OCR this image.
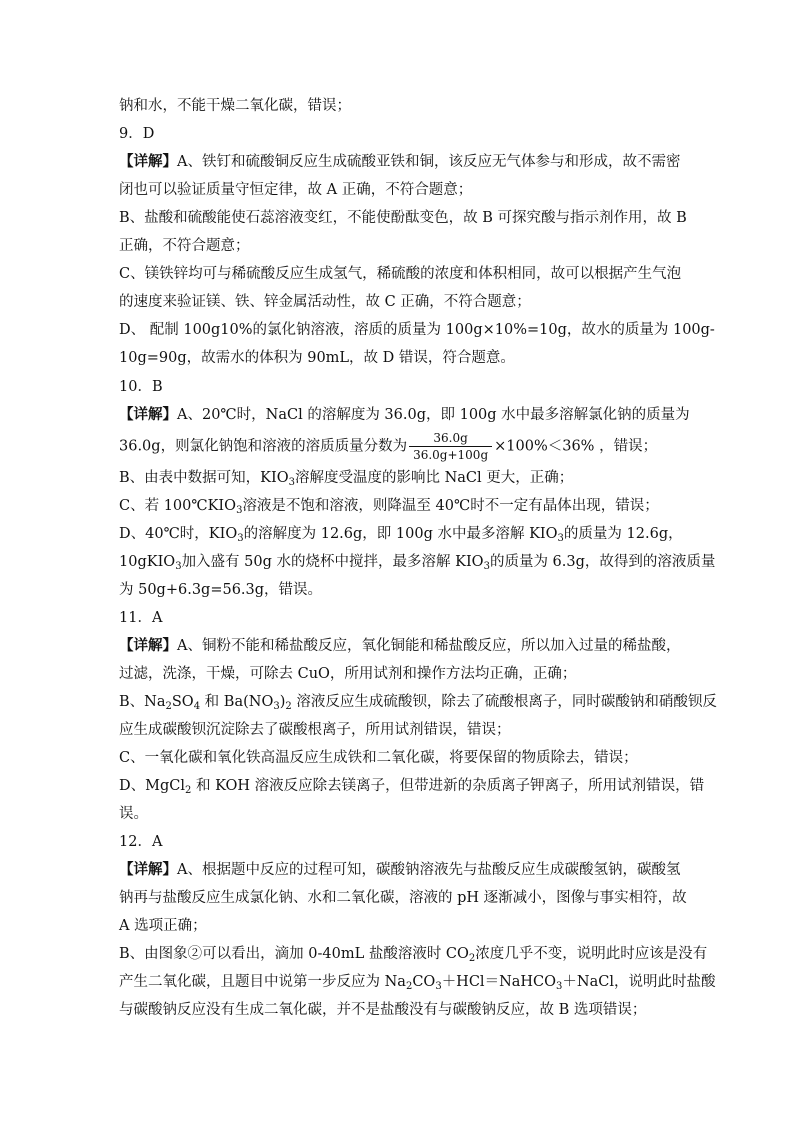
钠和水，不能干燥二氧化碳，错误；
9．D
【详解】A、铁钉和硫酸铜反应生成硫酸亚铁和铜，该反应无气体参与和形成，故不需密
闭也可以验证质量守恒定律，故 A 正确，不符合题意；
B、盐酸和硫酸能使石蕊溶液变红，不能使酚酞变色，故 B 可探究酸与指示剂作用，故 B
正确，不符合题意；
C、镁铁锌均可与稀硫酸反应生成氢气，稀硫酸的浓度和体积相同，故可以根据产生气泡
的速度来验证镁、铁、锌金属活动性，故 C 正确，不符合题意；
D、 配制 100g10%的氯化钠溶液，溶质的质量为 100g×10%=10g，故水的质量为 100g-
10g=90g，故需水的体积为 90mL，故 D 错误，符合题意。
10．B
【详解】A、20℃时，NaCl 的溶解度为 36.0g，即 100g 水中最多溶解氯化钠的质量为
36.0g，则氯化钠饱和溶液的溶质质量分数为 $\frac{36.0g}{36.0g+100g} \times 100\%<36\%$ ，错误；
B、由表中数据可知，$KIO_3$溶解度受温度的影响比 NaCl 更大，正确；
C、若 $100℃KIO_3$溶液是不饱和溶液，则降温至 40℃时不一定有晶体出现，错误；
D、40℃时，$KIO_3$的溶解度为 12.6g，即 100g 水中最多溶解 $KIO_3$的质量为 12.6g，
10gKIO$_3$加入盛有 50g 水的烧杯中搅拌，最多溶解 $KIO_3$的质量为 6.3g，故得到的溶液质量
为 50g+6.3g=56.3g，错误。
11．A
【详解】A、铜粉不能和稀盐酸反应，氧化铜能和稀盐酸反应，所以加入过量的稀盐酸，
过滤，洗涤，干燥，可除去 CuO，所用试剂和操作方法均正确，正确；
B、$Na_2SO_4$ 和 $Ba(NO_3)_2$ 溶液反应生成硫酸钡，除去了硫酸根离子，同时碳酸钠和硝酸钡反
应生成碳酸钡沉淀除去了碳酸根离子，所用试剂错误，错误；
C、一氧化碳和氧化铁高温反应生成铁和二氧化碳，将要保留的物质除去，错误；
D、MgCl$_2$ 和 KOH 溶液反应除去镁离子，但带进新的杂质离子钾离子，所用试剂错误，错
误。
12．A
【详解】A、根据题中反应的过程可知，碳酸钠溶液先与盐酸反应生成碳酸氢钠，碳酸氢
钠再与盐酸反应生成氯化钠、水和二氧化碳，溶液的 pH 逐渐减小，图像与事实相符，故
A 选项正确；
B、由图象②可以看出，滴加 0-40mL 盐酸溶液时 $CO_2$浓度几乎不变，说明此时应该是没有
产生二氧化碳，且题目中说第一步反应为 $Na_2CO_3+HCl=NaHCO_3+NaCl$，说明此时盐酸
与碳酸钠反应没有生成二氧化碳，并不是盐酸没有与碳酸钠反应，故 B 选项错误；
